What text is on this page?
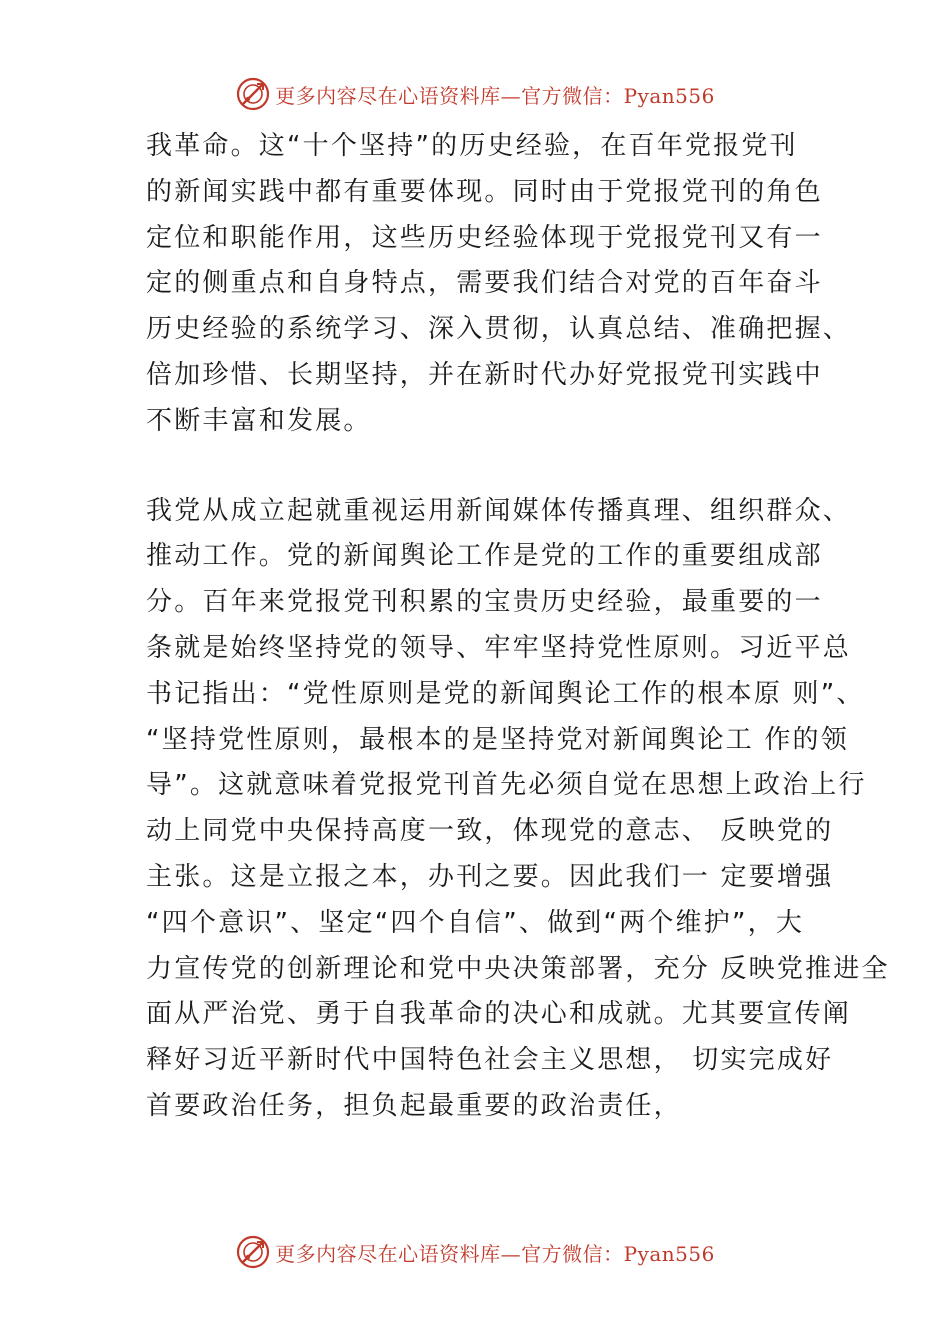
更多内容尽在心语资料库—官方微信：Pyan556
我革命。这“十个坚持”的历史经验，在百年党报党刊
的新闻实践中都有重要体现。同时由于党报党刊的角色
定位和职能作用，这些历史经验体现于党报党刊又有一
定的侧重点和自身特点，需要我们结合对党的百年奋斗
历史经验的系统学习、深入贯彻，认真总结、准确把握、
倍加珍惜、长期坚持，并在新时代办好党报党刊实践中
不断丰富和发展。
我党从成立起就重视运用新闻媒体传播真理、组织群众、
推动工作。党的新闻舆论工作是党的工作的重要组成部
分。百年来党报党刊积累的宝贵历史经验，最重要的一
条就是始终坚持党的领导、牢牢坚持党性原则。习近平总
书记指出：“党性原则是党的新闻舆论工作的根本原 则”、
“坚持党性原则，最根本的是坚持党对新闻舆论工 作的领
导”。这就意味着党报党刊首先必须自觉在思想上政治上行
动上同党中央保持高度一致，体现党的意志、 反映党的
主张。这是立报之本，办刊之要。因此我们一 定要增强
“四个意识”、坚定“四个自信”、做到“两个维护”，大
力宣传党的创新理论和党中央决策部署，充分 反映党推进全
面从严治党、勇于自我革命的决心和成就。尤其要宣传阐
释好习近平新时代中国特色社会主义思想， 切实完成好
首要政治任务，担负起最重要的政治责任，
更多内容尽在心语资料库—官方微信：Pyan556
